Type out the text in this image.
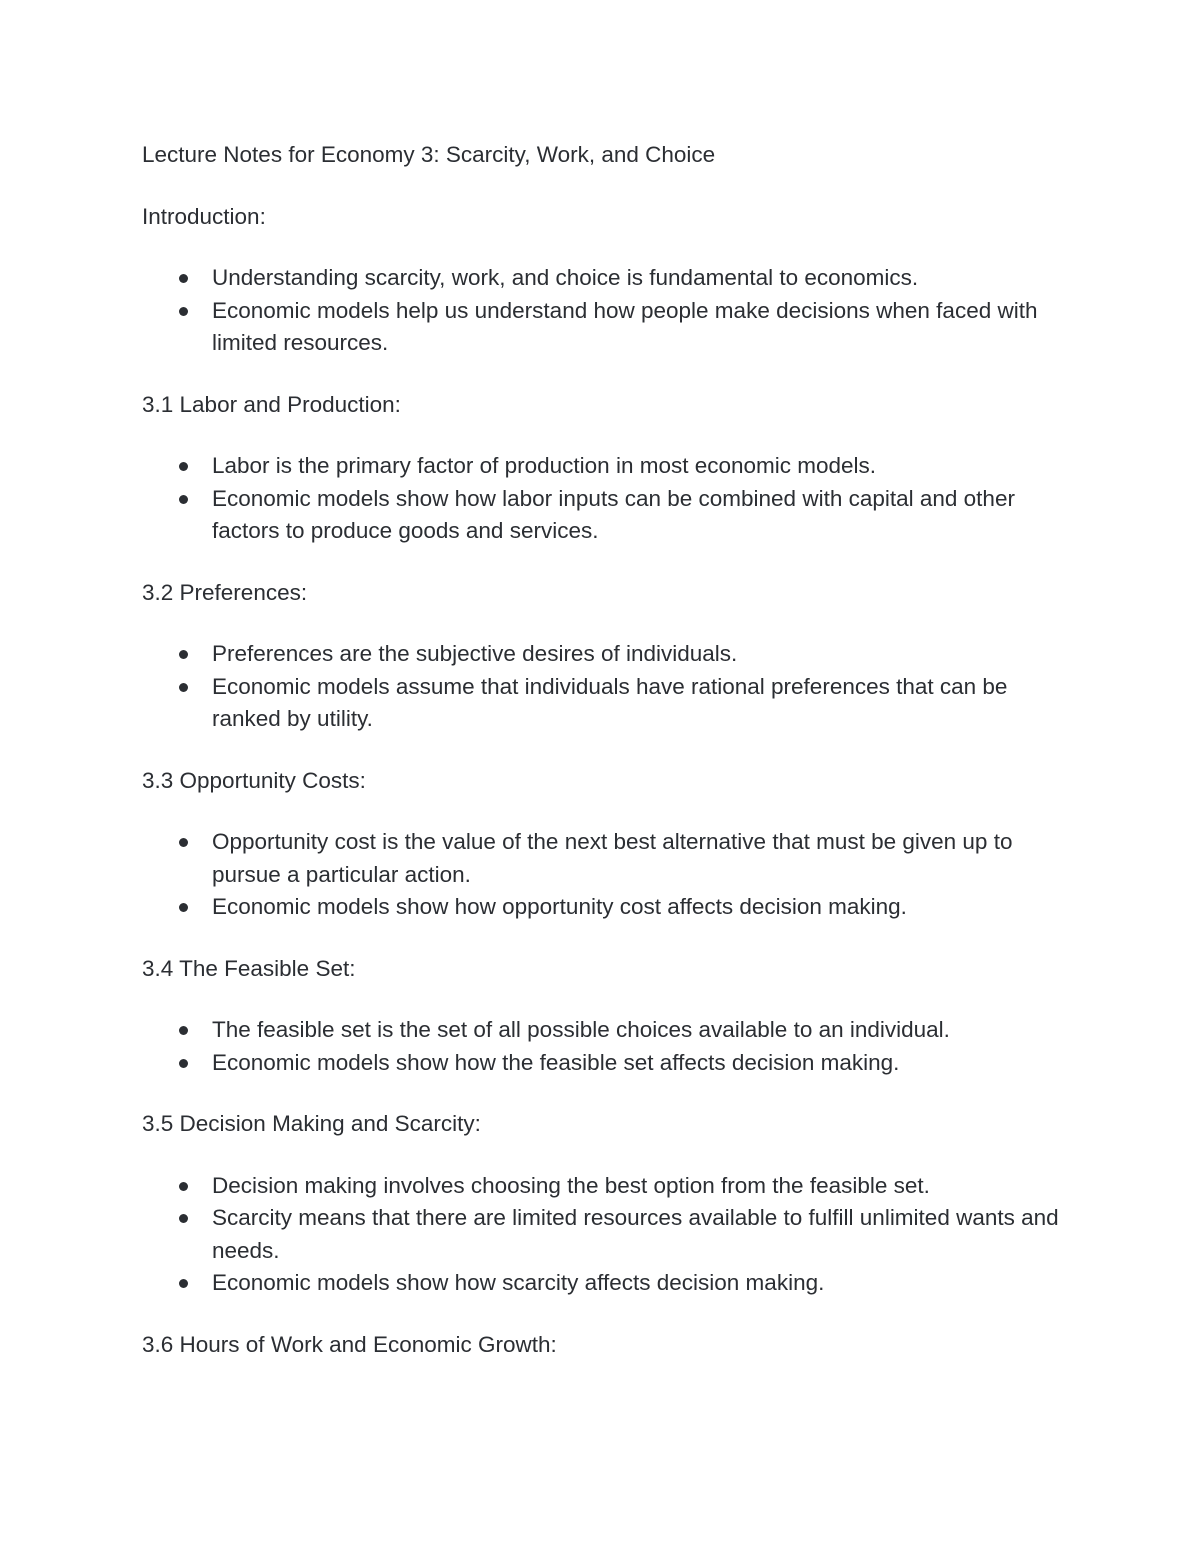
Lecture Notes for Economy 3: Scarcity, Work, and Choice
Introduction:
Understanding scarcity, work, and choice is fundamental to economics.
Economic models help us understand how people make decisions when faced with limited resources.
3.1 Labor and Production:
Labor is the primary factor of production in most economic models.
Economic models show how labor inputs can be combined with capital and other factors to produce goods and services.
3.2 Preferences:
Preferences are the subjective desires of individuals.
Economic models assume that individuals have rational preferences that can be ranked by utility.
3.3 Opportunity Costs:
Opportunity cost is the value of the next best alternative that must be given up to pursue a particular action.
Economic models show how opportunity cost affects decision making.
3.4 The Feasible Set:
The feasible set is the set of all possible choices available to an individual.
Economic models show how the feasible set affects decision making.
3.5 Decision Making and Scarcity:
Decision making involves choosing the best option from the feasible set.
Scarcity means that there are limited resources available to fulfill unlimited wants and needs.
Economic models show how scarcity affects decision making.
3.6 Hours of Work and Economic Growth:
